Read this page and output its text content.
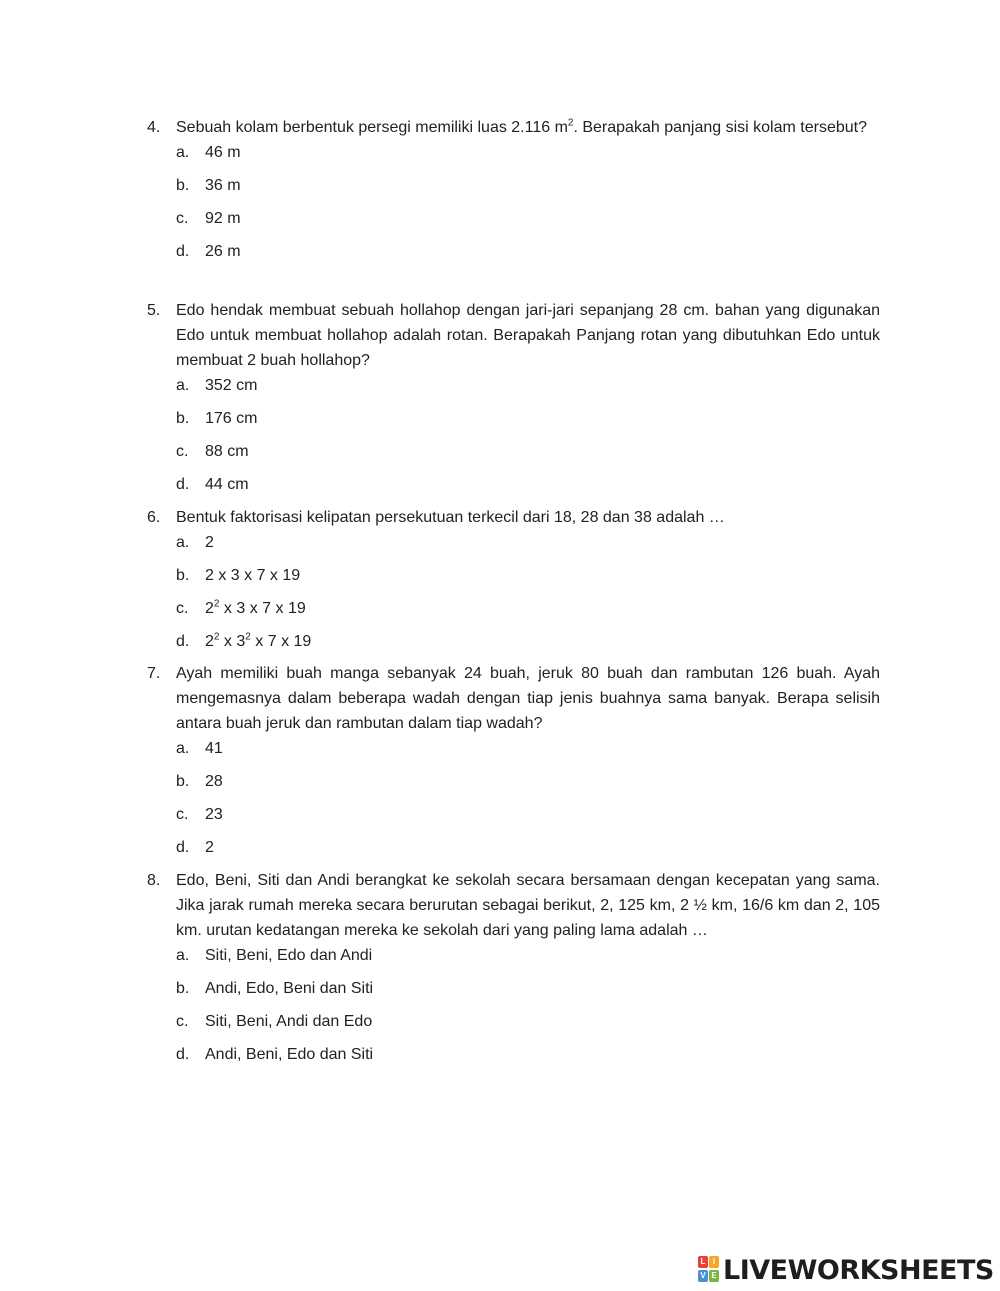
4. Sebuah kolam berbentuk persegi memiliki luas 2.116 $m^2$. Berapakah panjang sisi kolam tersebut?
a. 46 m
b. 36 m
c. 92 m
d. 26 m
5. Edo hendak membuat sebuah hollahop dengan jari-jari sepanjang 28 cm. bahan yang digunakan Edo untuk membuat hollahop adalah rotan. Berapakah Panjang rotan yang dibutuhkan Edo untuk membuat 2 buah hollahop?
a. 352 cm
b. 176 cm
c. 88 cm
d. 44 cm
6. Bentuk faktorisasi kelipatan persekutuan terkecil dari 18, 28 dan 38 adalah …
a. 2
b. 2 x 3 x 7 x 19
c. $2^2$ x 3 x 7 x 19
d. $2^2$ x $3^2$ x 7 x 19
7. Ayah memiliki buah manga sebanyak 24 buah, jeruk 80 buah dan rambutan 126 buah. Ayah mengemasnya dalam beberapa wadah dengan tiap jenis buahnya sama banyak. Berapa selisih antara buah jeruk dan rambutan dalam tiap wadah?
a. 41
b. 28
c. 23
d. 2
8. Edo, Beni, Siti dan Andi berangkat ke sekolah secara bersamaan dengan kecepatan yang sama. Jika jarak rumah mereka secara berurutan sebagai berikut, 2, 125 km, 2 ½ km, 16/6 km dan 2, 105 km. urutan kedatangan mereka ke sekolah dari yang paling lama adalah …
a. Siti, Beni, Edo dan Andi
b. Andi, Edo, Beni dan Siti
c. Siti, Beni, Andi dan Edo
d. Andi, Beni, Edo dan Siti
L I
V E LIVEWORKSHEETS
